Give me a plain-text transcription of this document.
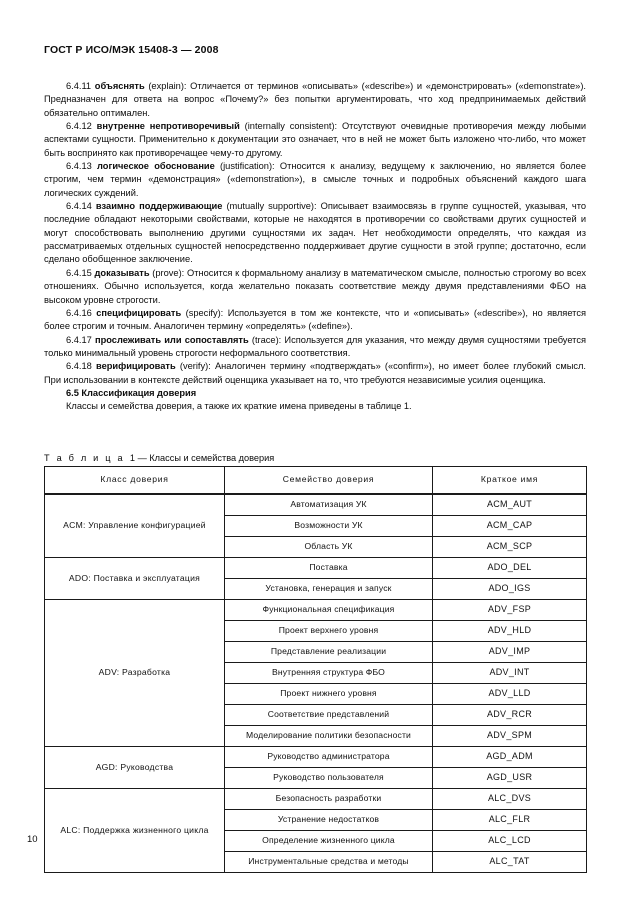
ГОСТ Р ИСО/МЭК 15408-3 — 2008

6.4.11 объяснять (explain): Отличается от терминов «описывать» («describe») и «демонстрировать» («demonstrate»). Предназначен для ответа на вопрос «Почему?» без попытки аргументировать, что ход предпринимаемых действий обязательно оптимален.

6.4.12 внутренне непротиворечивый (internally consistent): Отсутствуют очевидные противоречия между любыми аспектами сущности. Применительно к документации это означает, что в ней не может быть изложено что-либо, что может быть воспринято как противоречащее чему-то другому.

6.4.13 логическое обоснование (justification): Относится к анализу, ведущему к заключению, но является более строгим, чем термин «демонстрация» («demonstration»), в смысле точных и подробных объяснений каждого шага логических суждений.

6.4.14 взаимно поддерживающие (mutually supportive): Описывает взаимосвязь в группе сущностей, указывая, что последние обладают некоторыми свойствами, которые не находятся в противоречии со свойствами других сущностей и могут способствовать выполнению другими сущностями их задач. Нет необходимости определять, что каждая из рассматриваемых отдельных сущностей непосредственно поддерживает другие сущности в этой группе; достаточно, если сделано обобщенное заключение.

6.4.15 доказывать (prove): Относится к формальному анализу в математическом смысле, полностью строгому во всех отношениях. Обычно используется, когда желательно показать соответствие между двумя представлениями ФБО на высоком уровне строгости.

6.4.16 специфицировать (specify): Используется в том же контексте, что и «описывать» («describe»), но является более строгим и точным. Аналогичен термину «определять» («define»).

6.4.17 прослеживать или сопоставлять (trace): Используется для указания, что между двумя сущностями требуется только минимальный уровень строгости неформального соответствия.

6.4.18 верифицировать (verify): Аналогичен термину «подтверждать» («confirm»), но имеет более глубокий смысл. При использовании в контексте действий оценщика указывает на то, что требуются независимые усилия оценщика.

6.5 Классификация доверия

Классы и семейства доверия, а также их краткие имена приведены в таблице 1.

Т а б л и ц а 1 — Классы и семейства доверия
Класс доверия	Семейство доверия	Краткое имя
ACM: Управление конфигурацией	Автоматизация УК	ACM_AUT
	Возможности УК	ACM_CAP
	Область УК	ACM_SCP
ADO: Поставка и эксплуатация	Поставка	ADO_DEL
	Установка, генерация и запуск	ADO_IGS
ADV: Разработка	Функциональная спецификация	ADV_FSP
	Проект верхнего уровня	ADV_HLD
	Представление реализации	ADV_IMP
	Внутренняя структура ФБО	ADV_INT
	Проект нижнего уровня	ADV_LLD
	Соответствие представлений	ADV_RCR
	Моделирование политики безопасности	ADV_SPM
AGD: Руководства	Руководство администратора	AGD_ADM
	Руководство пользователя	AGD_USR
ALC: Поддержка жизненного цикла	Безопасность разработки	ALC_DVS
	Устранение недостатков	ALC_FLR
	Определение жизненного цикла	ALC_LCD
	Инструментальные средства и методы	ALC_TAT
10
